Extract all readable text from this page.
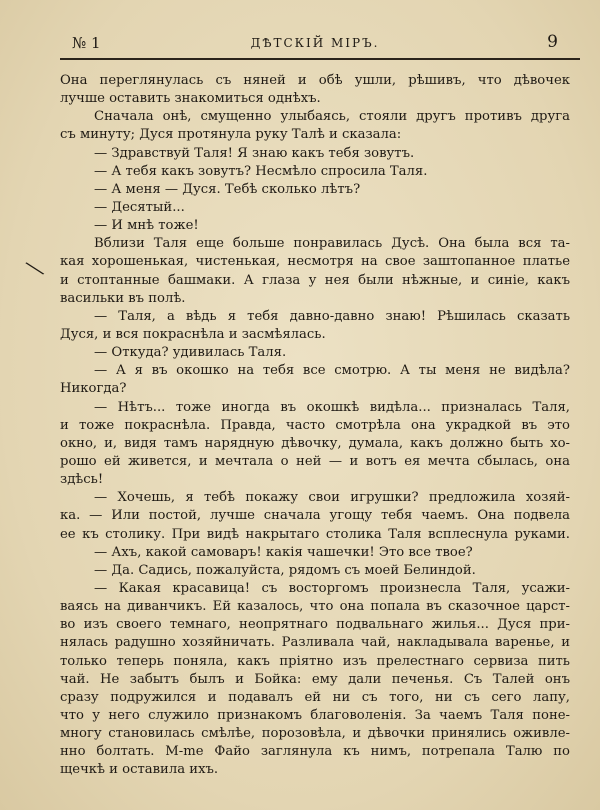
№ 1	ДѢТСКІЙ МІРЪ.	9
╲
Она переглянулась съ няней и обѣ ушли, рѣшивъ, что дѣвочек
лучше оставить знакомиться однѣхъ.
Сначала онѣ, смущенно улыбаясь, стояли другъ противъ друга
съ минуту; Дуся протянула руку Талѣ и сказала:
— Здравствуй Таля! Я знаю какъ тебя зовутъ.
— А тебя какъ зовутъ? Несмѣло спросила Таля.
— А меня — Дуся. Тебѣ сколько лѣтъ?
— Десятый...
— И мнѣ тоже!
Вблизи Таля еще больше понравилась Дусѣ. Она была вся та-
кая хорошенькая, чистенькая, несмотря на свое заштопанное платье
и стоптанные башмаки. А глаза у нея были нѣжные, и синіе, какъ
васильки въ полѣ.
— Таля, а вѣдь я тебя давно-давно знаю! Рѣшилась сказать
Дуся, и вся покраснѣла и засмѣялась.
— Откуда? удивилась Таля.
— А я въ окошко на тебя все смотрю. А ты меня не видѣла?
Никогда?
— Нѣтъ... тоже иногда въ окошкѣ видѣла... призналась Таля,
и тоже покраснѣла. Правда, часто смотрѣла она украдкой въ это
окно, и, видя тамъ нарядную дѣвочку, думала, какъ должно быть хо-
рошо ей живется, и мечтала о ней — и вотъ ея мечта сбылась, она
здѣсь!
— Хочешь, я тебѣ покажу свои игрушки? предложила хозяй-
ка. — Или постой, лучше сначала угощу тебя чаемъ. Она подвела
ее къ столику. При видѣ накрытаго столика Таля всплеснула руками.
— Ахъ, какой самоваръ! какія чашечки! Это все твое?
— Да. Садись, пожалуйста, рядомъ съ моей Белиндой.
— Какая красавица! съ восторгомъ произнесла Таля, усажи-
ваясь на диванчикъ. Ей казалось, что она попала въ сказочное царст-
во изъ своего темнаго, неопрятнаго подвальнаго жилья... Дуся при-
нялась радушно хозяйничать. Разливала чай, накладывала варенье, и
только теперь поняла, какъ пріятно изъ прелестнаго сервиза пить
чай. Не забытъ былъ и Бойка: ему дали печенья. Съ Талей онъ
сразу подружился и подавалъ ей ни съ того, ни съ сего лапу,
что у него служило признакомъ благоволенія. За чаемъ Таля поне-
многу становилась смѣлѣе, порозовѣла, и дѣвочки принялись оживле-
нно болтать. М-me Файо заглянула къ нимъ, потрепала Талю по
щечкѣ и оставила ихъ.
